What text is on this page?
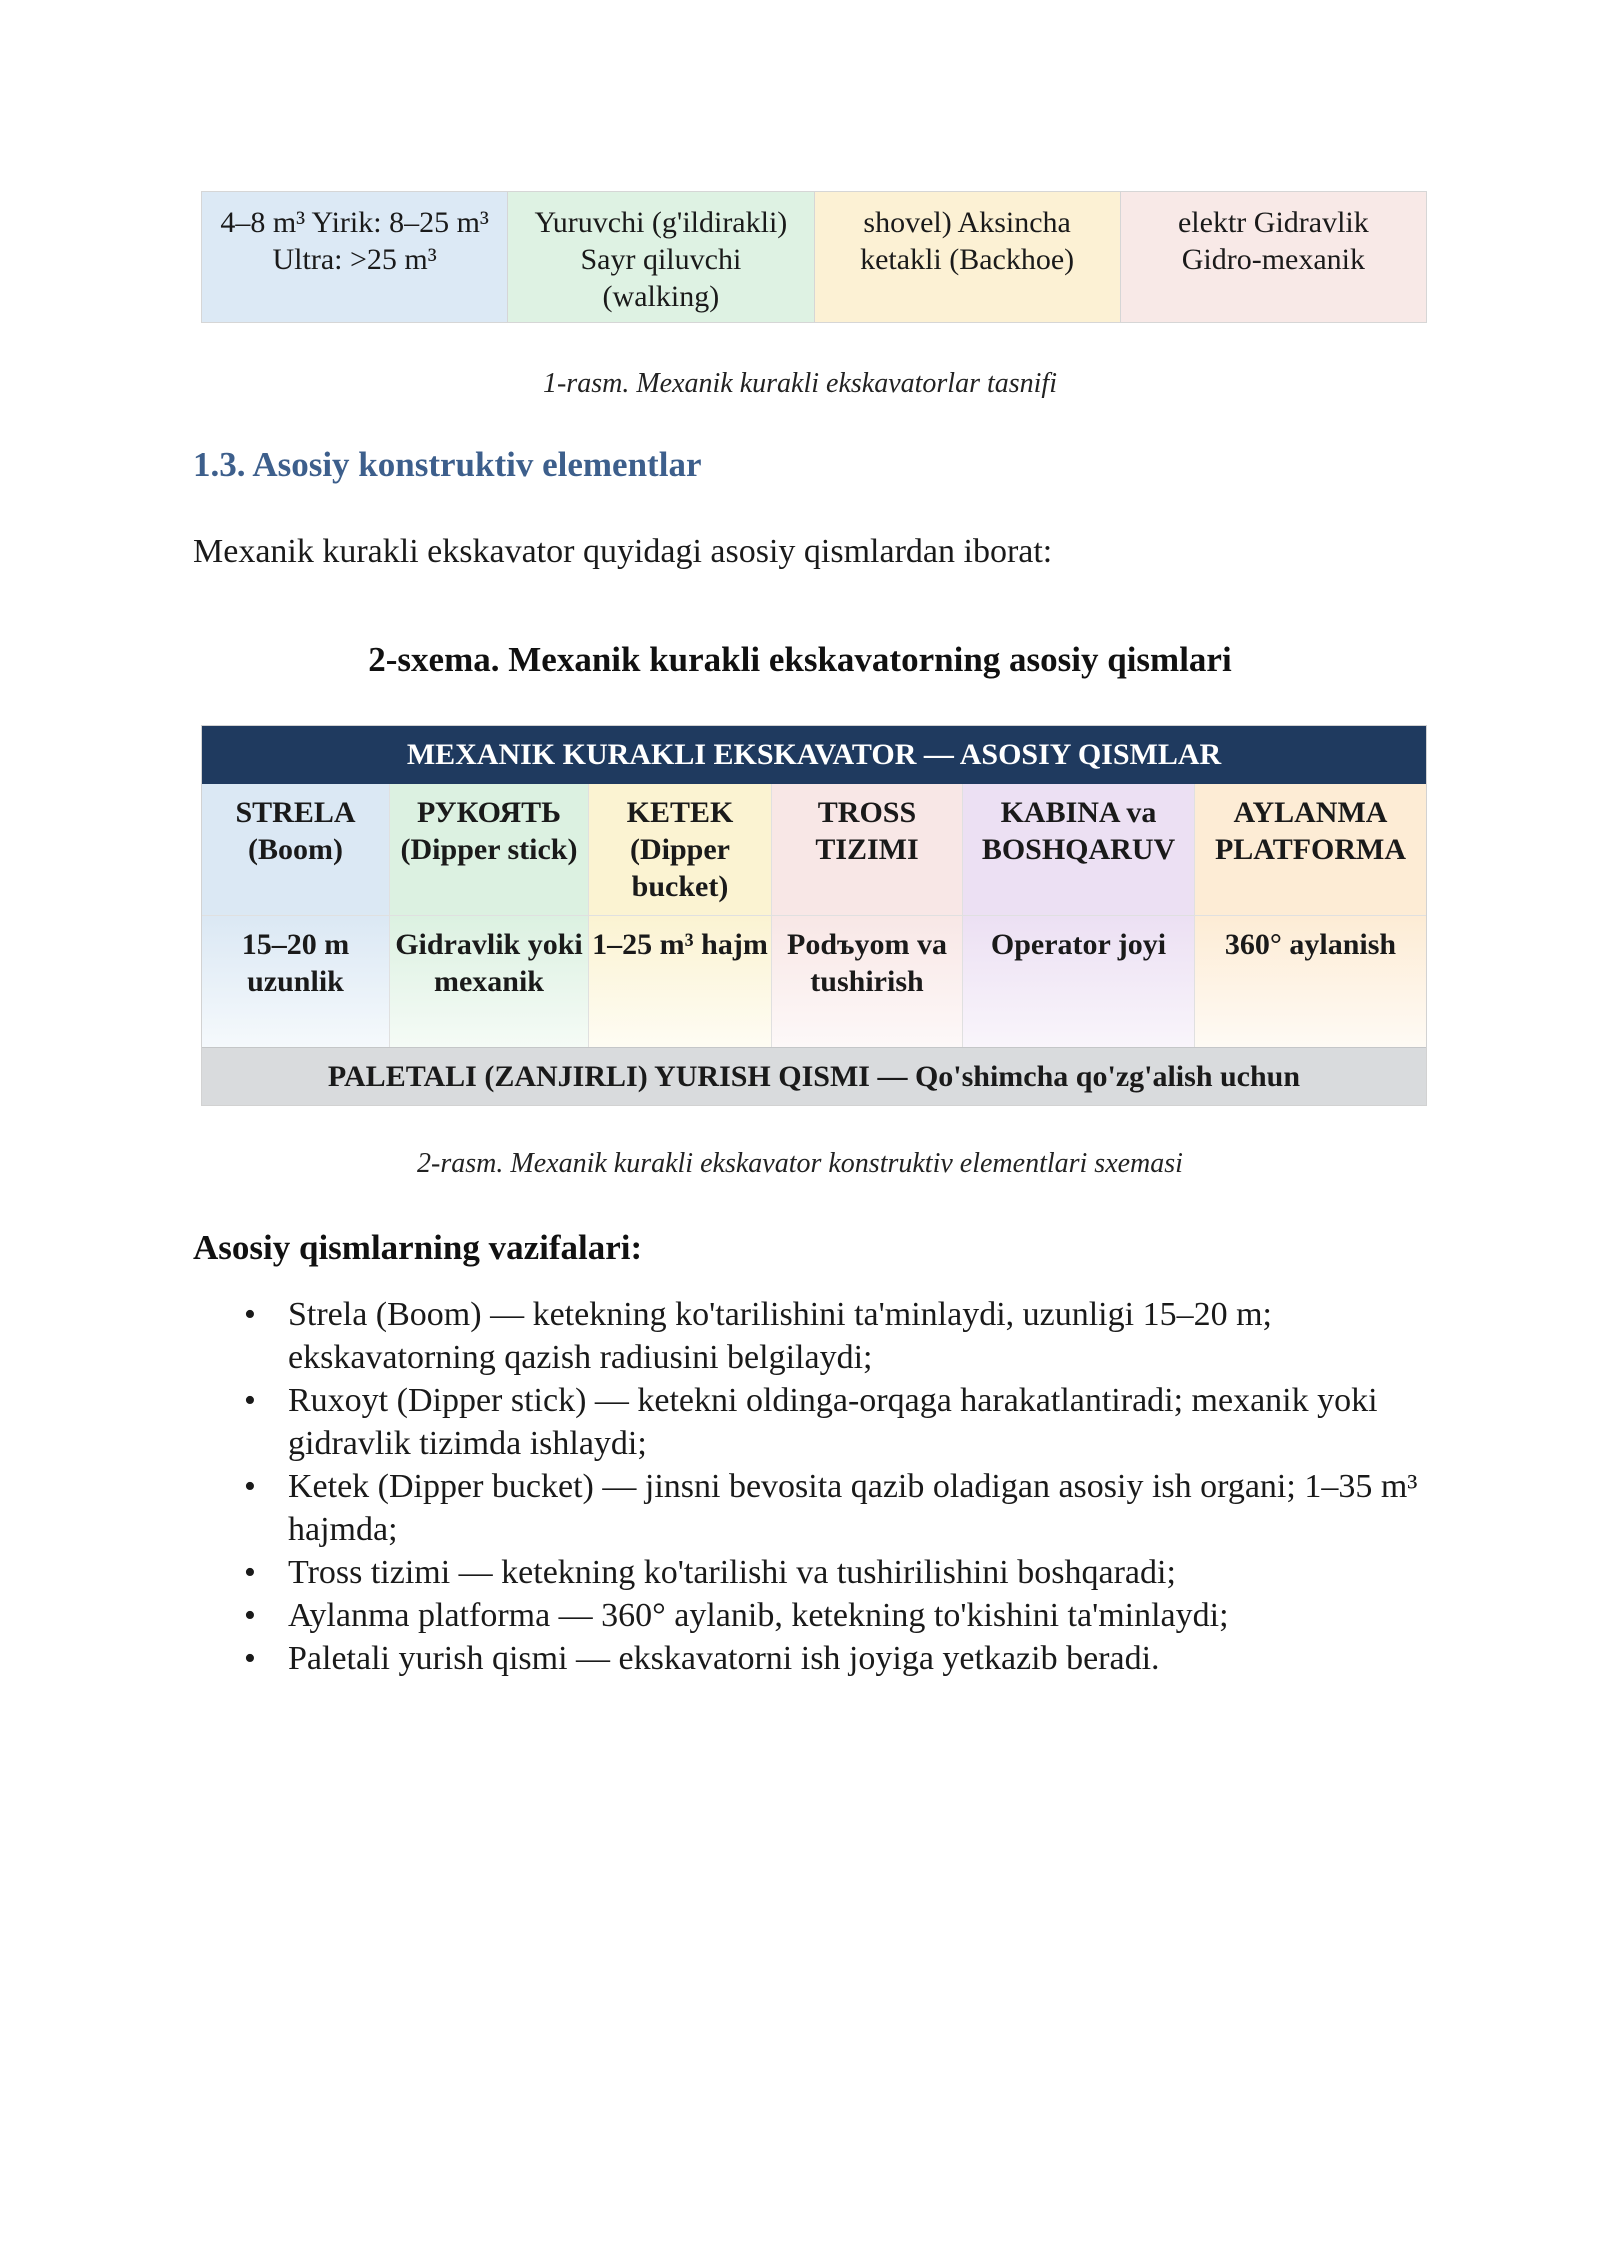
4–8 m³ Yirik: 8–25 m³ Ultra: >25 m³
Yuruvchi (g'ildirakli) Sayr qiluvchi (walking)
shovel) Aksincha ketakli (Backhoe)
elektr Gidravlik Gidro-mexanik
1-rasm. Mexanik kurakli ekskavatorlar tasnifi
1.3. Asosiy konstruktiv elementlar
Mexanik kurakli ekskavator quyidagi asosiy qismlardan iborat:
2-sxema. Mexanik kurakli ekskavatorning asosiy qismlari
MEXANIK KURAKLI EKSKAVATOR — ASOSIY QISMLAR
STRELA (Boom)
15–20 m uzunlik
РУКОЯТЬ (Dipper stick)
Gidravlik yoki mexanik
KETEK (Dipper bucket)
1–25 m³ hajm
TROSS TIZIMI
Podъyom va tushirish
KABINA va BOSHQARUV
Operator joyi
AYLANMA PLATFORMA
360° aylanish
PALETALI (ZANJIRLI) YURISH QISMI — Qo'shimcha qo'zg'alish uchun
2-rasm. Mexanik kurakli ekskavator konstruktiv elementlari sxemasi
Asosiy qismlarning vazifalari:
• Strela (Boom) — ketekning ko'tarilishini ta'minlaydi, uzunligi 15–20 m; ekskavatorning qazish radiusini belgilaydi;
• Ruxoyt (Dipper stick) — ketekni oldinga-orqaga harakatlantiradi; mexanik yoki gidravlik tizimda ishlaydi;
• Ketek (Dipper bucket) — jinsni bevosita qazib oladigan asosiy ish organi; 1–35 m³ hajmda;
• Tross tizimi — ketekning ko'tarilishi va tushirilishini boshqaradi;
• Aylanma platforma — 360° aylanib, ketekning to'kishini ta'minlaydi;
• Paletali yurish qismi — ekskavatorni ish joyiga yetkazib beradi.
